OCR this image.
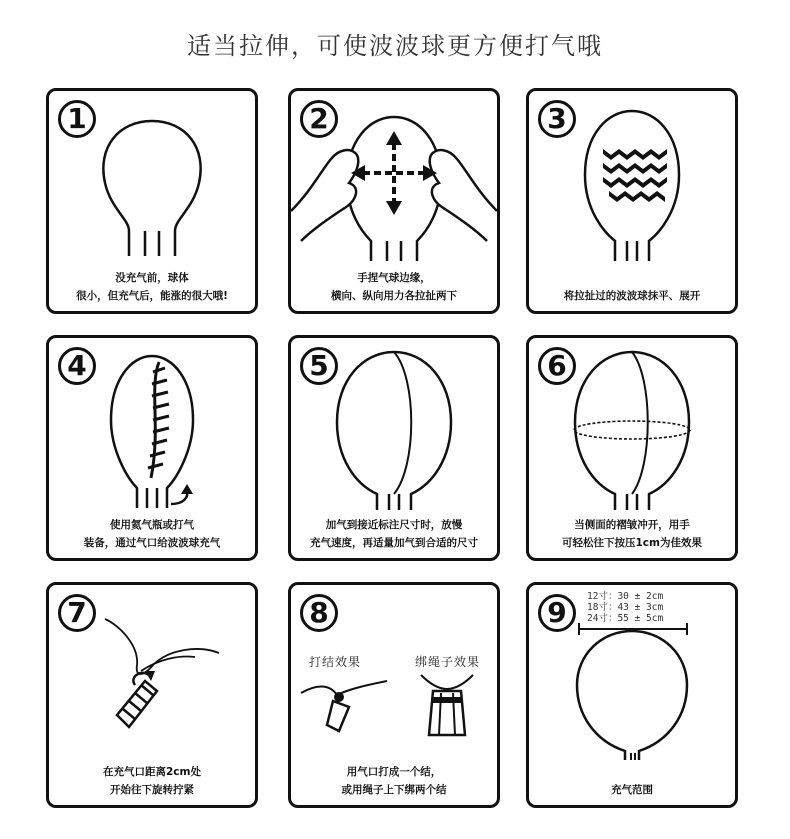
适当拉伸，可使波波球更方便打气哦
1
没充气前，球体
很小，但充气后，能涨的很大哦!
2
手捏气球边缘，
横向、纵向用力各拉扯两下
3
将拉扯过的波波球抹平、展开
4
使用氦气瓶或打气
装备，通过气口给波波球充气
5
加气到接近标注尺寸时，放慢
充气速度，再适量加气到合适的尺寸
6
当侧面的褶皱冲开，用手
可轻松往下按压1cm为佳效果
7
在充气口距离2cm处
开始往下旋转拧紧
打结效果	绑绳子效果
8
用气口打成一个结，
或用绳子上下绑两个结
9	12寸：30 ± 2cm
18寸：43 ± 3cm
24寸：55 ± 5cm
充气范围
